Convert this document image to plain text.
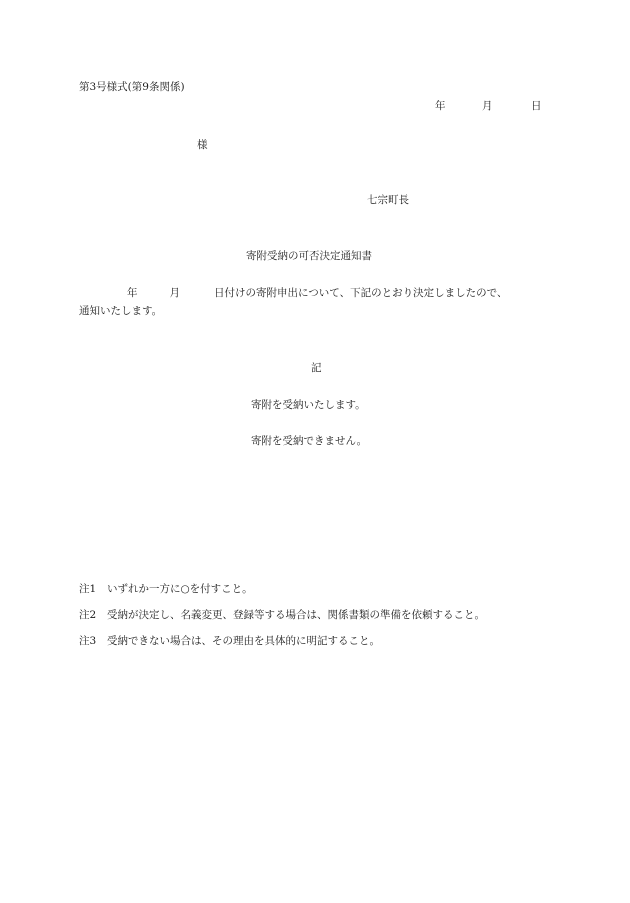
第3号様式(第9条関係)
年	月	日
様
七宗町長
寄附受納の可否決定通知書
年	月	日付けの寄附申出について、下記のとおり決定しましたので、
通知いたします。
記
寄附を受納いたします。
寄附を受納できません。
注1 いずれか一方に○を付すこと。
注2 受納が決定し、名義変更、登録等する場合は、関係書類の準備を依頼すること。
注3 受納できない場合は、その理由を具体的に明記すること。
